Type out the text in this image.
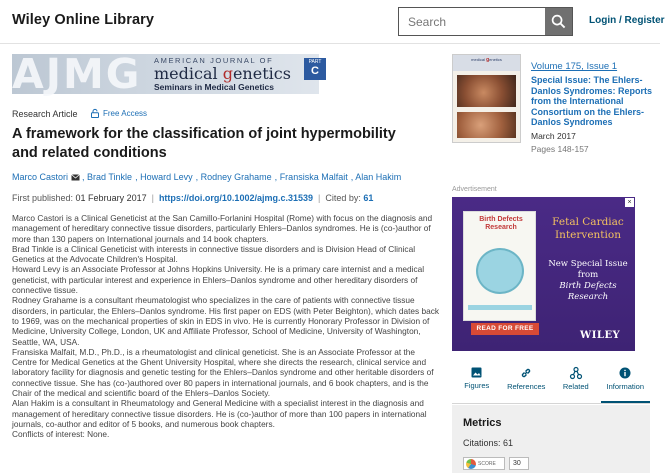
Wiley Online Library
Search	Login / Register
AJMG AMERICAN JOURNAL OF
medical genetics
PART
C
Seminars in Medical Genetics
Research Article	Free Access
A framework for the classification of joint hypermobility and related conditions
Marco Castori , Brad Tinkle , Howard Levy , Rodney Grahame , Fransiska Malfait , Alan Hakim
First published: 01 February 2017 | https://doi.org/10.1002/ajmg.c.31539 | Cited by: 61

Marco Castori is a Clinical Geneticist at the San Camillo-Forlanini Hospital (Rome) with focus on the diagnosis and management of hereditary connective tissue disorders, particularly Ehlers–Danlos syndromes. He is (co-)author of more than 130 papers on International journals and 14 book chapters.

Brad Tinkle is a Clinical Geneticist with interests in connective tissue disorders and is Division Head of Clinical Genetics at the Advocate Children's Hospital.

Howard Levy is an Associate Professor at Johns Hopkins University. He is a primary care internist and a medical geneticist, with particular interest and experience in Ehlers–Danlos syndrome and other hereditary disorders of connective tissue.

Rodney Grahame is a consultant rheumatologist who specializes in the care of patients with connective tissue disorders, in particular, the Ehlers–Danlos syndrome. His first paper on EDS (with Peter Beighton), which dates back to 1969, was on the mechanical properties of skin in EDS in vivo. He is currently Honorary Professor in Division of Medicine, University College, London, UK and Affiliate Professor, School of Medicine, University of Washington, Seattle, WA, USA.

Fransiska Malfait, M.D., Ph.D., is a rheumatologist and clinical geneticist. She is an Associate Professor at the Centre for Medical Genetics at the Ghent University Hospital, where she directs the research, clinical service and laboratory facility for diagnosis and genetic testing for the Ehlers–Danlos syndrome and other heritable disorders of connective tissue. She has (co-)authored over 80 papers in international journals, and 6 book chapters, and is the Chair of the medical and scientific board of the Ehlers–Danlos Society.

Alan Hakim is a consultant in Rheumatology and General Medicine with a specialist interest in the diagnosis and management of hereditary connective tissue disorders. He is (co-)author of more than 100 papers in international journals, co-author and editor of 5 books, and numerous book chapters.

Conflicts of interest: None.

medical genetics
Volume 175, Issue 1
Special Issue: The Ehlers-Danlos Syndromes: Reports from the International Consortium on the Ehlers-Danlos Syndromes
March 2017
Pages 148-157
Advertisement
×
Birth Defects Research
READ FOR FREE
Fetal Cardiac Intervention
New Special Issue from
Birth Defects Research
WILEY
Figures References Related Information
Metrics
Citations: 61
SCORE	30
